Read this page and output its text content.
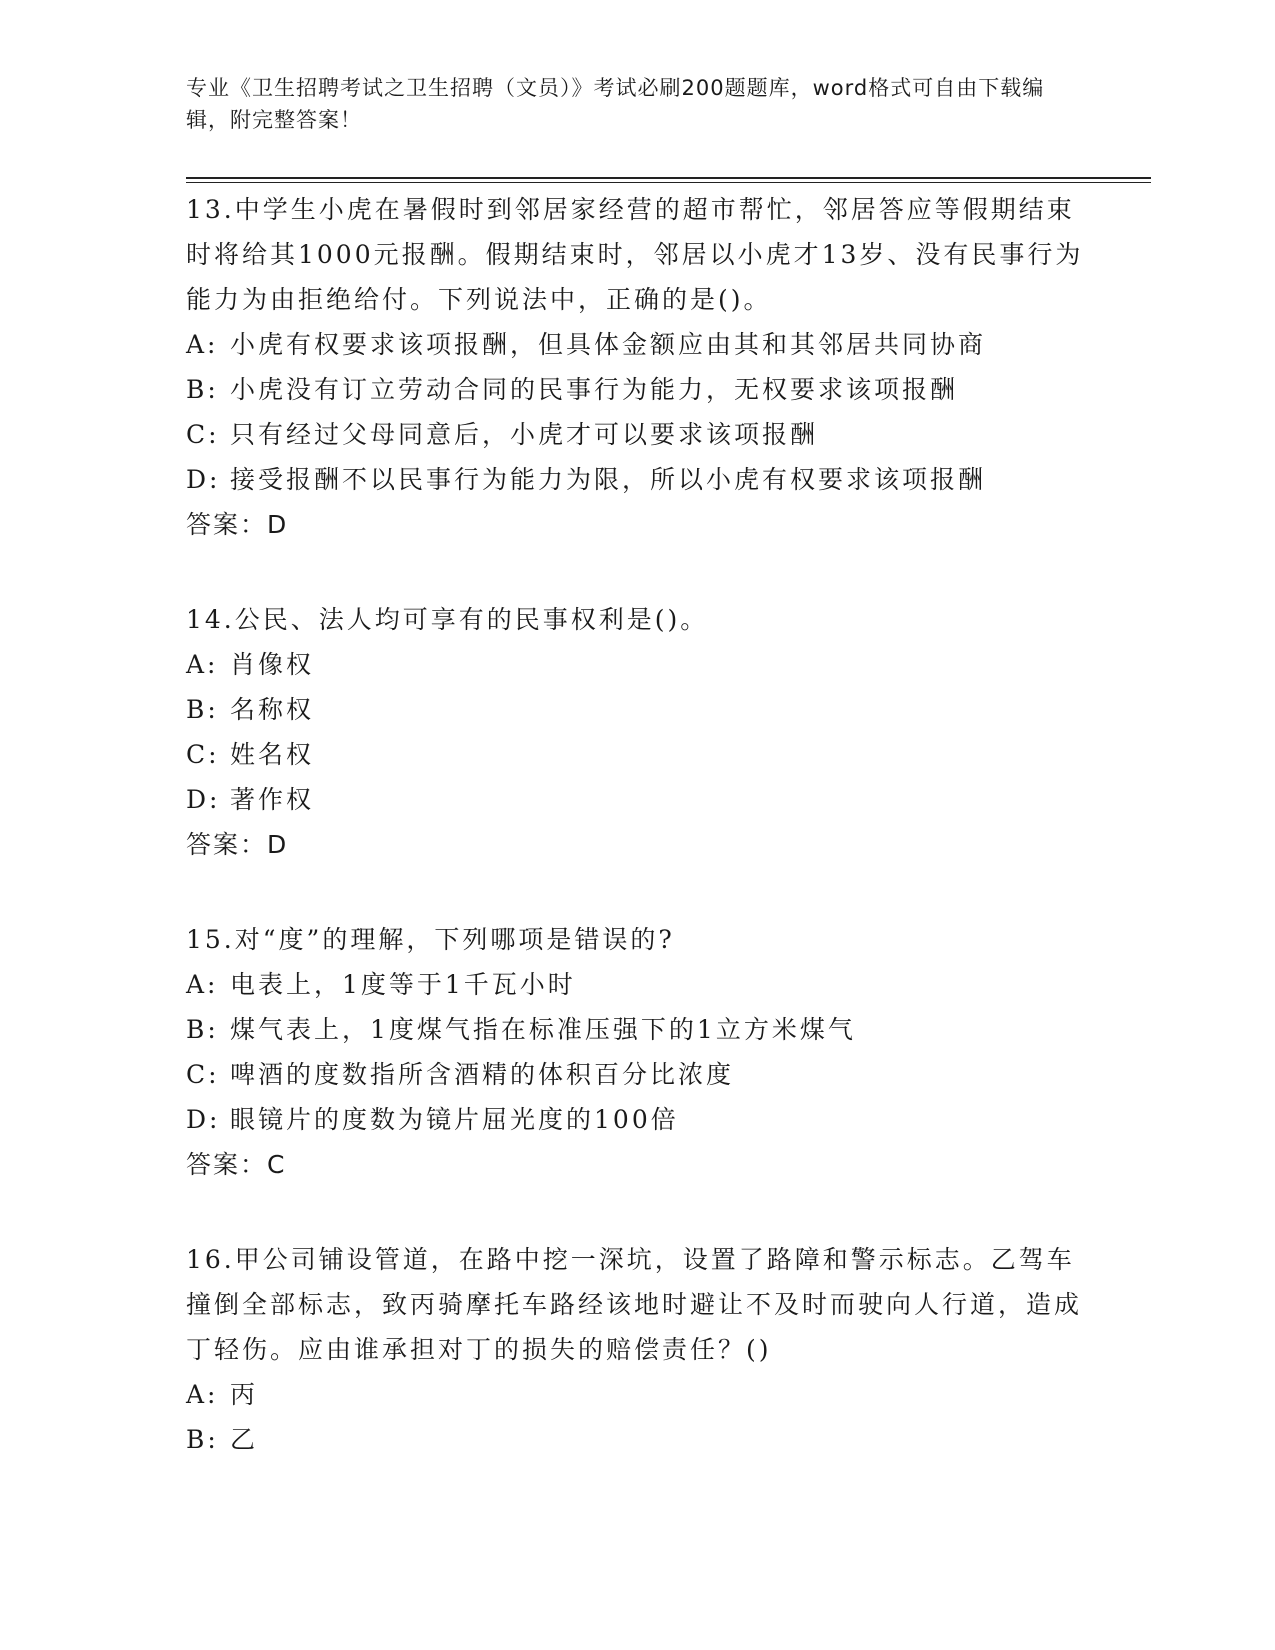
专业《卫生招聘考试之卫生招聘（文员）》考试必刷200题题库，word格式可自由下载编辑，附完整答案！

13.中学生小虎在暑假时到邻居家经营的超市帮忙，邻居答应等假期结束时将给其1000元报酬。假期结束时，邻居以小虎才13岁、没有民事行为能力为由拒绝给付。下列说法中，正确的是()。

A: 小虎有权要求该项报酬，但具体金额应由其和其邻居共同协商

B: 小虎没有订立劳动合同的民事行为能力，无权要求该项报酬

C: 只有经过父母同意后，小虎才可以要求该项报酬

D: 接受报酬不以民事行为能力为限，所以小虎有权要求该项报酬

答案：D

14.公民、法人均可享有的民事权利是()。

A: 肖像权

B: 名称权

C: 姓名权

D: 著作权

答案：D

15.对“度”的理解，下列哪项是错误的?

A: 电表上，1度等于1千瓦小时

B: 煤气表上，1度煤气指在标准压强下的1立方米煤气

C: 啤酒的度数指所含酒精的体积百分比浓度

D: 眼镜片的度数为镜片屈光度的100倍

答案：C

16.甲公司铺设管道，在路中挖一深坑，设置了路障和警示标志。乙驾车撞倒全部标志，致丙骑摩托车路经该地时避让不及时而驶向人行道，造成丁轻伤。应由谁承担对丁的损失的赔偿责任？()

A: 丙

B: 乙
